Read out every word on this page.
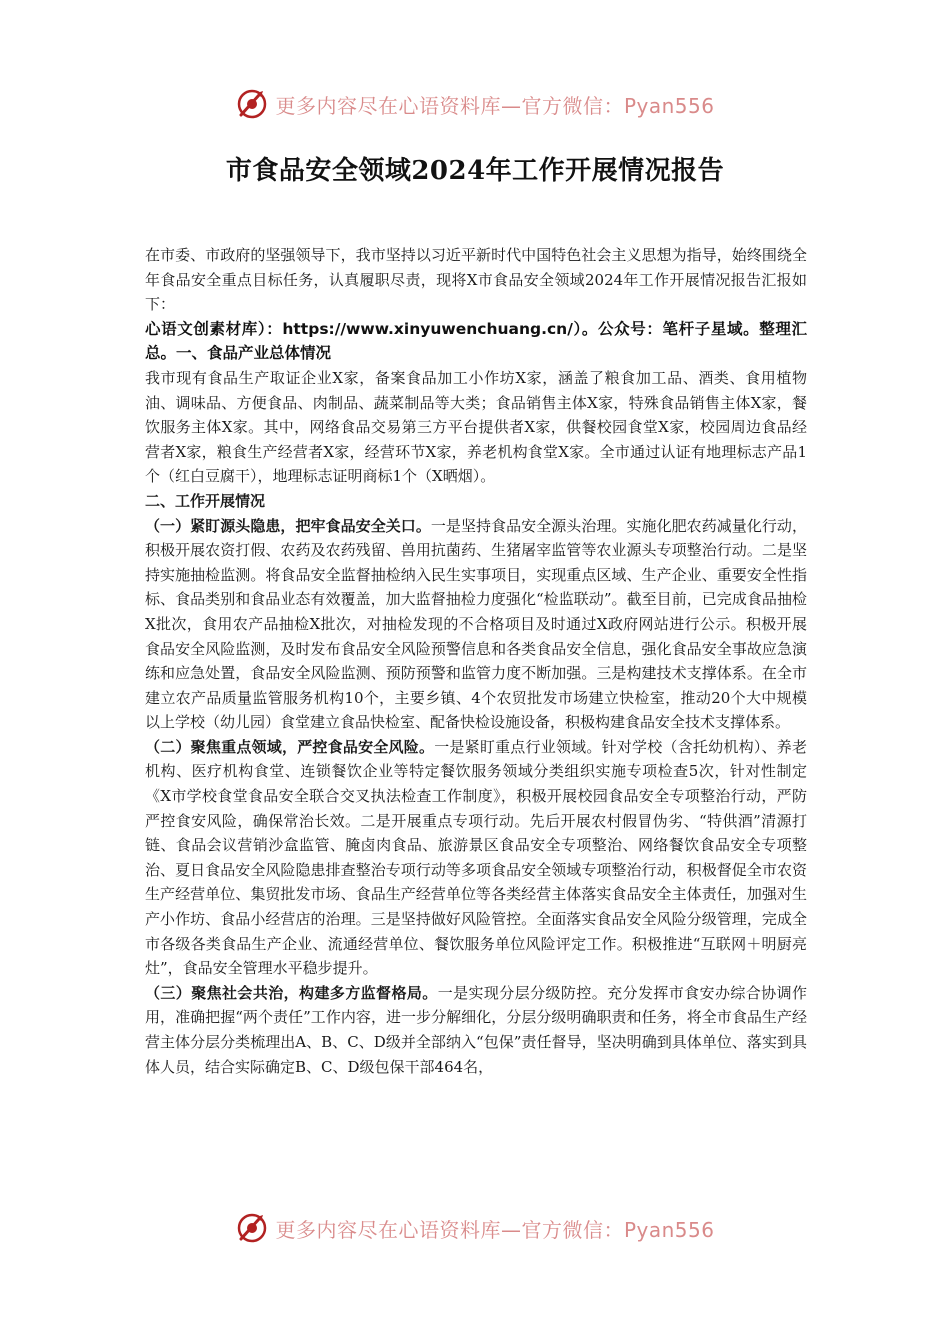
更多内容尽在心语资料库—官方微信：Pyan556
市食品安全领域2024年工作开展情况报告

在市委、市政府的坚强领导下，我市坚持以习近平新时代中国特色社会主义思想为指导，始终围绕全年食品安全重点目标任务，认真履职尽责，现将X市食品安全领域2024年工作开展情况报告汇报如下：

心语文创素材库）：https://www.xinyuwenchuang.cn/）。公众号：笔杆子星域。整理汇总。一、食品产业总体情况

我市现有食品生产取证企业X家，备案食品加工小作坊X家，涵盖了粮食加工品、酒类、食用植物油、调味品、方便食品、肉制品、蔬菜制品等大类；食品销售主体X家，特殊食品销售主体X家，餐饮服务主体X家。其中，网络食品交易第三方平台提供者X家，供餐校园食堂X家，校园周边食品经营者X家，粮食生产经营者X家，经营环节X家，养老机构食堂X家。全市通过认证有地理标志产品1个（红白豆腐干），地理标志证明商标1个（X晒烟）。

二、工作开展情况

（一）紧盯源头隐患，把牢食品安全关口。一是坚持食品安全源头治理。实施化肥农药减量化行动，积极开展农资打假、农药及农药残留、兽用抗菌药、生猪屠宰监管等农业源头专项整治行动。二是坚持实施抽检监测。将食品安全监督抽检纳入民生实事项目，实现重点区域、生产企业、重要安全性指标、食品类别和食品业态有效覆盖，加大监督抽检力度强化“检监联动”。截至目前，已完成食品抽检X批次，食用农产品抽检X批次，对抽检发现的不合格项目及时通过X政府网站进行公示。积极开展食品安全风险监测，及时发布食品安全风险预警信息和各类食品安全信息，强化食品安全事故应急演练和应急处置，食品安全风险监测、预防预警和监管力度不断加强。三是构建技术支撑体系。在全市建立农产品质量监管服务机构10个，主要乡镇、4个农贸批发市场建立快检室，推动20个大中规模以上学校（幼儿园）食堂建立食品快检室、配备快检设施设备，积极构建食品安全技术支撑体系。

（二）聚焦重点领域，严控食品安全风险。一是紧盯重点行业领域。针对学校（含托幼机构）、养老机构、医疗机构食堂、连锁餐饮企业等特定餐饮服务领域分类组织实施专项检查5次，针对性制定《X市学校食堂食品安全联合交叉执法检查工作制度》，积极开展校园食品安全专项整治行动，严防严控食安风险，确保常治长效。二是开展重点专项行动。先后开展农村假冒伪劣、“特供酒”清源打链、食品会议营销沙盒监管、腌卤肉食品、旅游景区食品安全专项整治、网络餐饮食品安全专项整治、夏日食品安全风险隐患排查整治专项行动等多项食品安全领域专项整治行动，积极督促全市农资生产经营单位、集贸批发市场、食品生产经营单位等各类经营主体落实食品安全主体责任，加强对生产小作坊、食品小经营店的治理。三是坚持做好风险管控。全面落实食品安全风险分级管理，完成全市各级各类食品生产企业、流通经营单位、餐饮服务单位风险评定工作。积极推进“互联网＋明厨亮灶”，食品安全管理水平稳步提升。

（三）聚焦社会共治，构建多方监督格局。一是实现分层分级防控。充分发挥市食安办综合协调作用，准确把握“两个责任”工作内容，进一步分解细化，分层分级明确职责和任务，将全市食品生产经营主体分层分类梳理出A、B、C、D级并全部纳入“包保”责任督导，坚决明确到具体单位、落实到具体人员，结合实际确定B、C、D级包保干部464名，

更多内容尽在心语资料库—官方微信：Pyan556
